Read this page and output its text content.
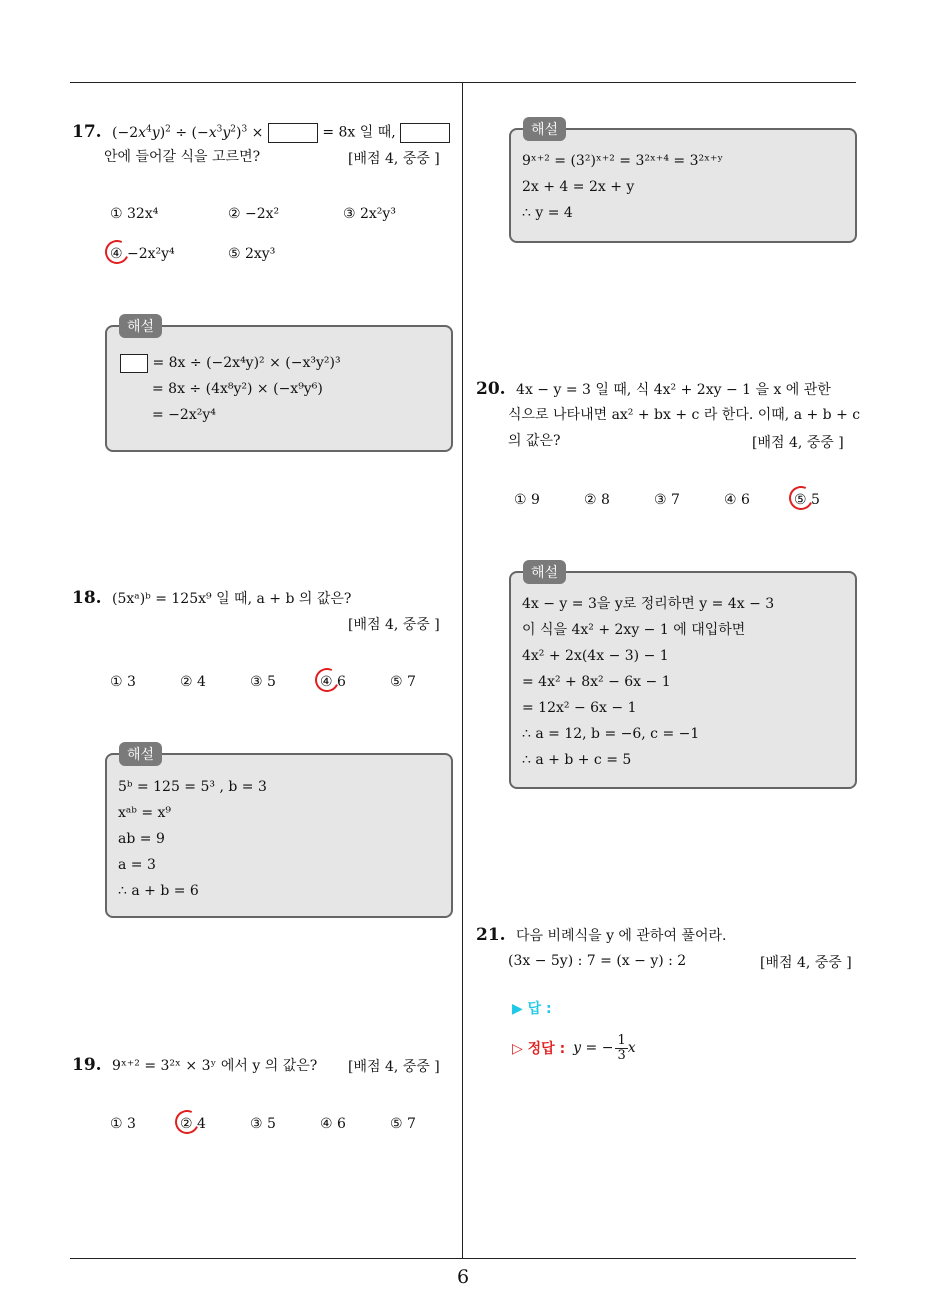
17. $(-2x^4y)^2 \div (-x^3y^2)^3$ ×	= 8x 일 때,
안에 들어갈 식을 고르면?	[배점 4, 중중 ]
① 32x⁴	② −2x²	③ 2x²y³
④ −2x²y⁴	⑤ 2xy³
해설
= 8x ÷ (−2x⁴y)² × (−x³y²)³
= 8x ÷ (4x⁸y²) × (−x⁹y⁶)
= −2x²y⁴
18. (5xᵃ)ᵇ = 125x⁹ 일 때, a + b 의 값은?
[배점 4, 중중 ]
① 3	② 4	③ 5	④ 6	⑤ 7
해설
5ᵇ = 125 = 5³ , b = 3
xᵃᵇ = x⁹
ab = 9
a = 3
∴ a + b = 6
19. 9ˣ⁺² = 3²ˣ × 3ʸ 에서 y 의 값은? [배점 4, 중중 ]
① 3	② 4	③ 5	④ 6	⑤ 7
해설
9ˣ⁺² = (3²)ˣ⁺² = 3²ˣ⁺⁴ = 3²ˣ⁺ʸ
2x + 4 = 2x + y
∴ y = 4
20. 4x − y = 3 일 때, 식 4x² + 2xy − 1 을 x 에 관한
식으로 나타내면 ax² + bx + c 라 한다. 이때, a + b + c
의 값은?	[배점 4, 중중 ]
① 9	② 8	③ 7	④ 6	⑤ 5
해설
4x − y = 3을 y로 정리하면 y = 4x − 3
이 식을 4x² + 2xy − 1 에 대입하면
4x² + 2x(4x − 3) − 1
= 4x² + 8x² − 6x − 1
= 12x² − 6x − 1
∴ a = 12, b = −6, c = −1
∴ a + b + c = 5
21. 다음 비례식을 y 에 관하여 풀어라.
(3x − 5y) : 7 = (x − y) : 2	[배점 4, 중중 ]
▶ 답 :
▷ 정답 : y = − $\frac{1}{3}$ x
6
